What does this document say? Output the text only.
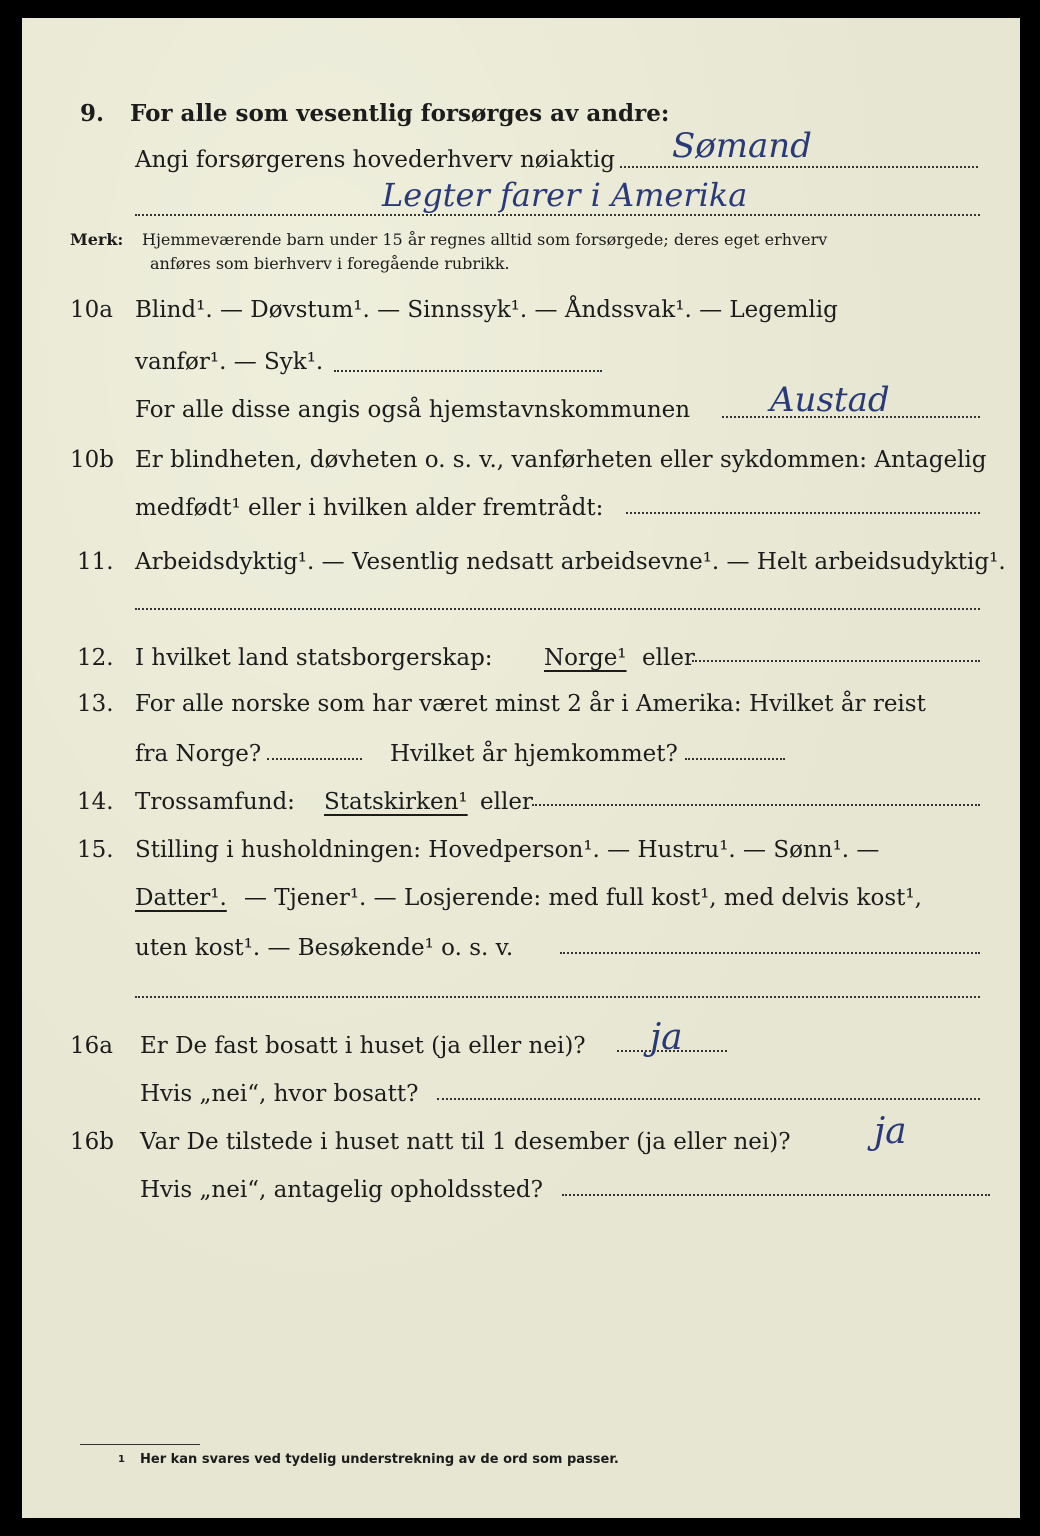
9. For alle som vesentlig forsørges av andre:
Angi forsørgerens hovederhverv nøiaktig Sømand
Legter farer i Amerika
Merk: Hjemmeværende barn under 15 år regnes alltid som forsørgede; deres eget erhverv
anføres som bierhverv i foregående rubrikk.
10a Blind¹. — Døvstum¹. — Sinnssyk¹. — Åndssvak¹. — Legemlig
vanfør¹. — Syk¹.
For alle disse angis også hjemstavnskommunen Austad
10b Er blindheten, døvheten o. s. v., vanførheten eller sykdommen: Antagelig
medfødt¹ eller i hvilken alder fremtrådt:
11. Arbeidsdyktig¹. — Vesentlig nedsatt arbeidsevne¹. — Helt arbeidsudyktig¹.
12. I hvilket land statsborgerskap: Norge¹ eller
13. For alle norske som har været minst 2 år i Amerika: Hvilket år reist
fra Norge?	Hvilket år hjemkommet?
14. Trossamfund: Statskirken¹ eller
15. Stilling i husholdningen: Hovedperson¹. — Hustru¹. — Sønn¹. —
Datter¹. — Tjener¹. — Losjerende: med full kost¹, med delvis kost¹,
uten kost¹. — Besøkende¹ o. s. v.
16a Er De fast bosatt i huset (ja eller nei)? ja
Hvis „nei“, hvor bosatt?
16b Var De tilstede i huset natt til 1 desember (ja eller nei)? ja
Hvis „nei“, antagelig opholdssted?
1 Her kan svares ved tydelig understrekning av de ord som passer.
